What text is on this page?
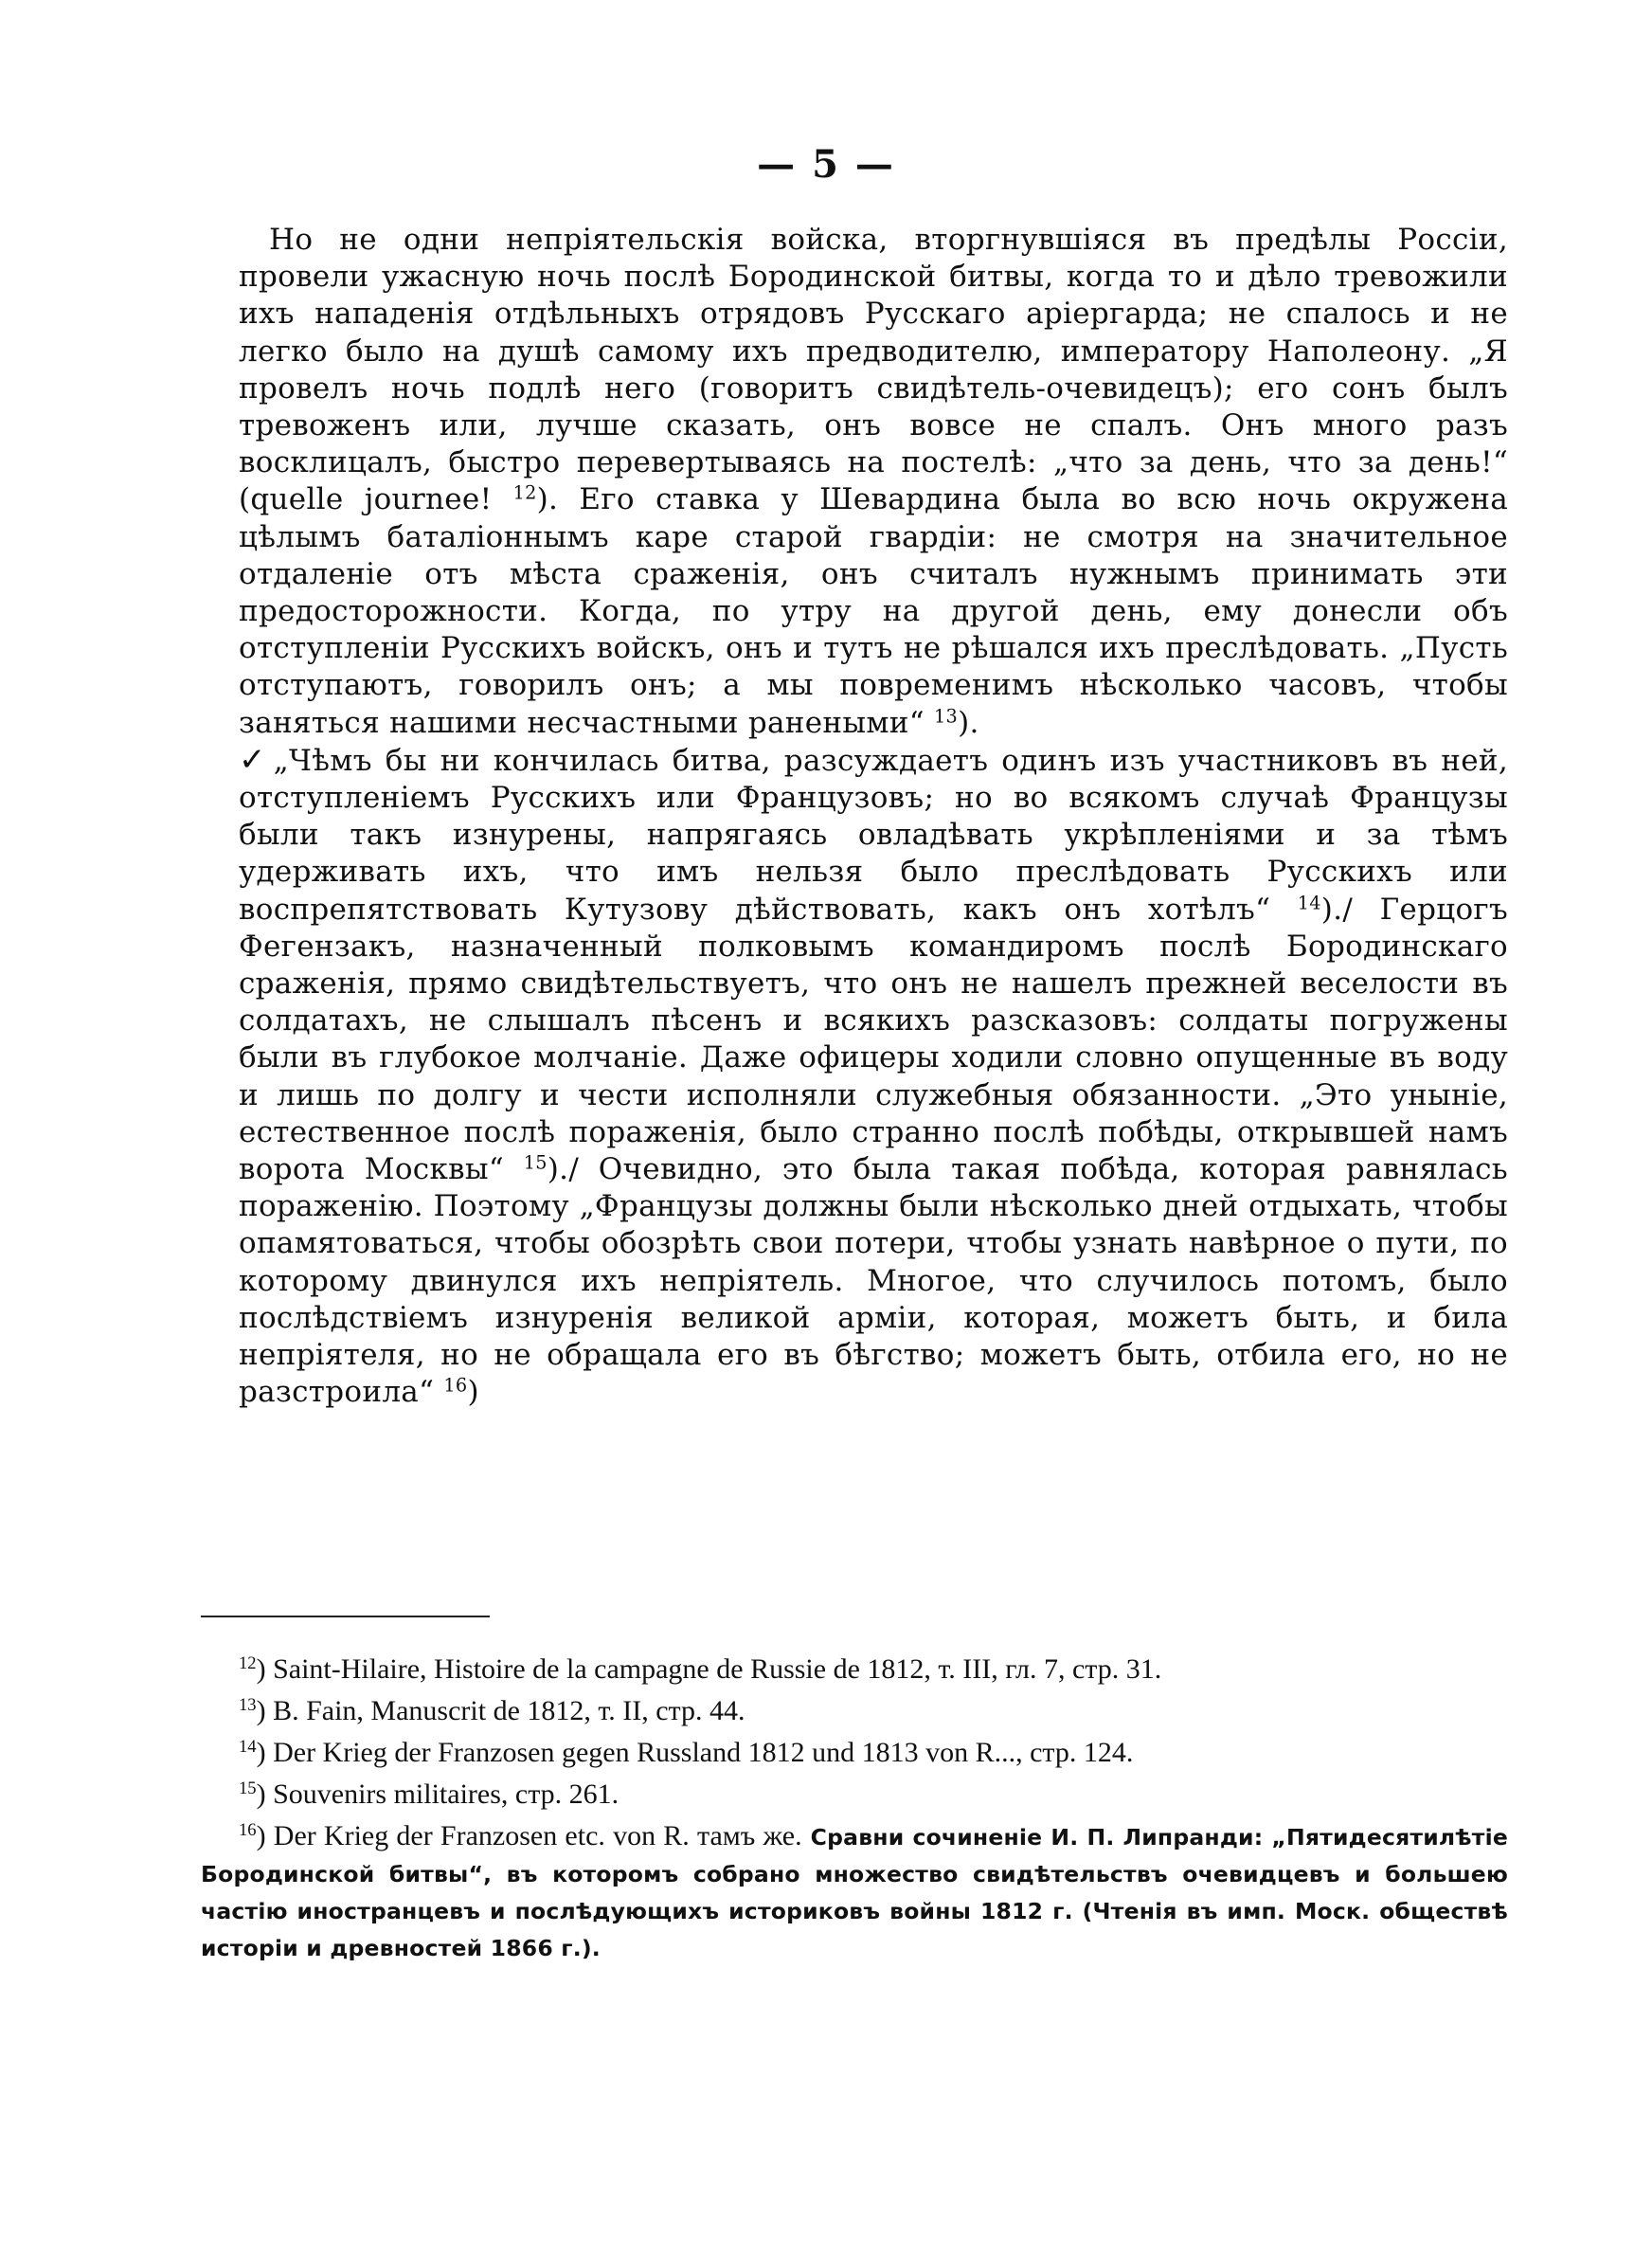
— 5 —

Но не одни непріятельскія войска, вторгнувшіяся въ предѣлы Россіи, провели ужасную ночь послѣ Бородинской битвы, когда то и дѣло тревожили ихъ нападенія отдѣльныхъ отрядовъ Русскаго аріергарда; не спалось и не легко было на душѣ самому ихъ предводителю, императору Наполеону. „Я провелъ ночь подлѣ него (говоритъ свидѣтель-очевидецъ); его сонъ былъ тревоженъ или, лучше сказать, онъ вовсе не спалъ. Онъ много разъ восклицалъ, быстро перевертываясь на постелѣ: „что за день, что за день!“ (quelle journee! $^{12}$). Его ставка у Шевардина была во всю ночь окружена цѣлымъ баталіоннымъ каре старой гвардіи: не смотря на значительное отдаленіе отъ мѣста сраженія, онъ считалъ нужнымъ принимать эти предосторожности. Когда, по утру на другой день, ему донесли объ отступленіи Русскихъ войскъ, онъ и тутъ не рѣшался ихъ преслѣдовать. „Пусть отступаютъ, говорилъ онъ; а мы повременимъ нѣсколько часовъ, чтобы заняться нашими несчастными ранеными“ $^{13}$).

✓ „Чѣмъ бы ни кончилась битва, разсуждаетъ одинъ изъ участниковъ въ ней, отступленіемъ Русскихъ или Французовъ; но во всякомъ случаѣ Французы были такъ изнурены, напрягаясь овладѣвать укрѣпленіями и за тѣмъ удерживать ихъ, что имъ нельзя было преслѣдовать Русскихъ или воспрепятствовать Кутузову дѣйствовать, какъ онъ хотѣлъ“ $^{14}$)./ Герцогъ Фегензакъ, назначенный полковымъ командиромъ послѣ Бородинскаго сраженія, прямо свидѣтельствуетъ, что онъ не нашелъ прежней веселости въ солдатахъ, не слышалъ пѣсенъ и всякихъ разсказовъ: солдаты погружены были въ глубокое молчаніе. Даже офицеры ходили словно опущенные въ воду и лишь по долгу и чести исполняли служебныя обязанности. „Это уныніе, естественное послѣ пораженія, было странно послѣ побѣды, открывшей намъ ворота Москвы“ $^{15}$)./ Очевидно, это была такая побѣда, которая равнялась пораженію. Поэтому „Французы должны были нѣсколько дней отдыхать, чтобы опамятоваться, чтобы обозрѣть свои потери, чтобы узнать навѣрное о пути, по которому двинулся ихъ непріятель. Многое, что случилось потомъ, было послѣдствіемъ изнуренія великой арміи, которая, можетъ быть, и била непріятеля, но не обращала его въ бѣгство; можетъ быть, отбила его, но не разстроила“ $^{16}$)

$^{12}$) Saint-Hilaire, Histoire de la campagne de Russie de 1812, т. III, гл. 7, стр. 31.

$^{13}$) B. Fain, Manuscrit de 1812, т. II, стр. 44.

$^{14}$) Der Krieg der Franzosen gegen Russland 1812 und 1813 von R..., стр. 124.

$^{15}$) Souvenirs militaires, стр. 261.

$^{16}$) Der Krieg der Franzosen etc. von R. тамъ же. Сравни сочиненіе И. П. Липранди: „Пятидесятилѣтіе Бородинской битвы“, въ которомъ собрано множество свидѣтельствъ очевидцевъ и большею частію иностранцевъ и послѣдующихъ историковъ войны 1812 г. (Чтенія въ имп. Моск. обществѣ исторіи и древностей 1866 г.).
